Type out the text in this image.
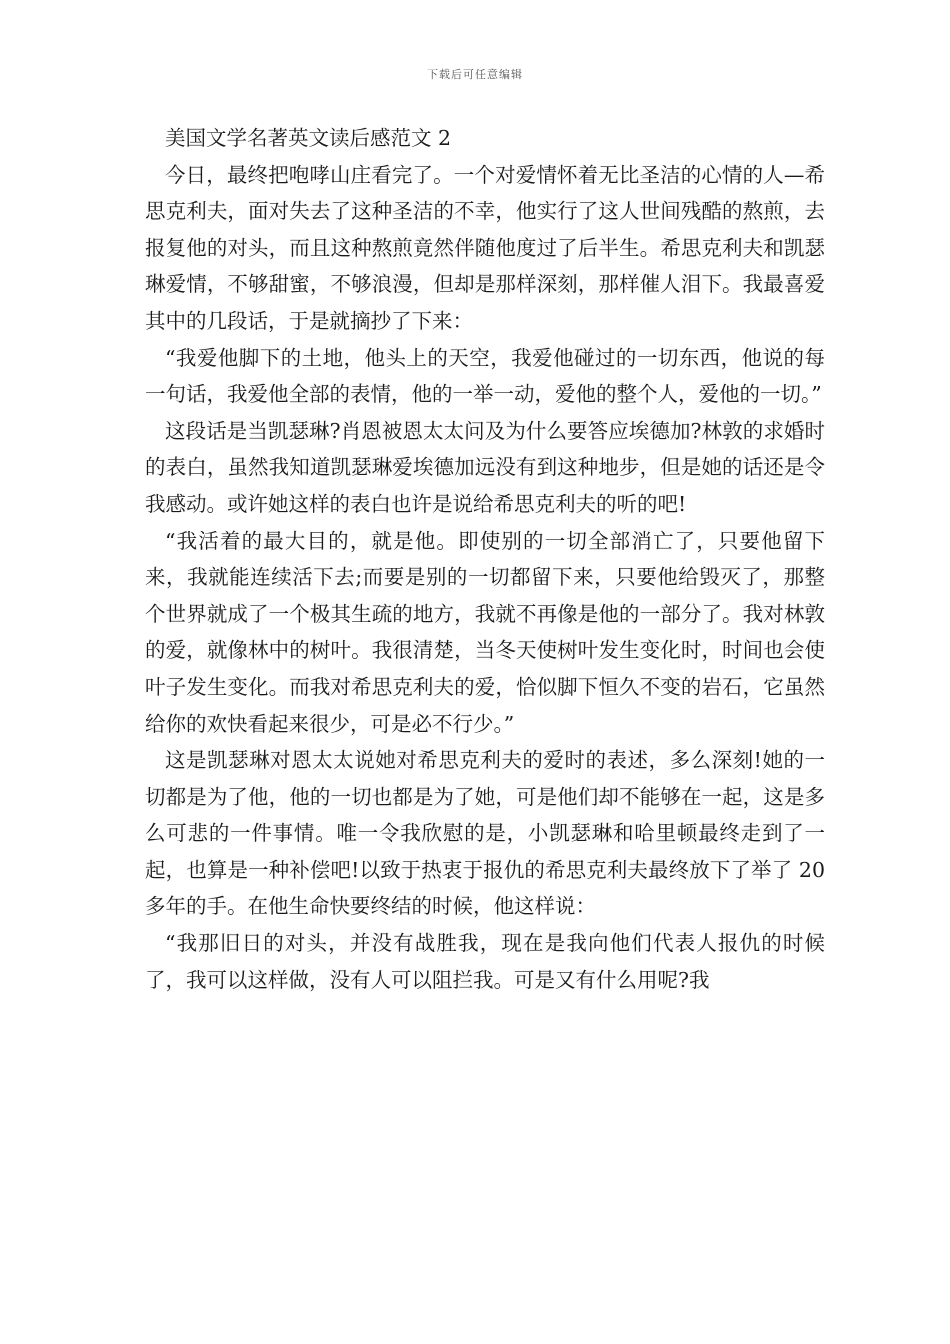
下载后可任意编辑
美国文学名著英文读后感范文 2

今日，最终把咆哮山庄看完了。一个对爱情怀着无比圣洁的心情的人—希思克利夫，面对失去了这种圣洁的不幸，他实行了这人世间残酷的熬煎，去报复他的对头，而且这种熬煎竟然伴随他度过了后半生。希思克利夫和凯瑟琳爱情，不够甜蜜，不够浪漫，但却是那样深刻，那样催人泪下。我最喜爱其中的几段话，于是就摘抄了下来：

“我爱他脚下的土地，他头上的天空，我爱他碰过的一切东西，他说的每一句话，我爱他全部的表情，他的一举一动，爱他的整个人，爱他的一切。”

这段话是当凯瑟琳?肖恩被恩太太问及为什么要答应埃德加?林敦的求婚时的表白，虽然我知道凯瑟琳爱埃德加远没有到这种地步，但是她的话还是令我感动。或许她这样的表白也许是说给希思克利夫的听的吧!

“我活着的最大目的，就是他。即使别的一切全部消亡了，只要他留下来，我就能连续活下去;而要是别的一切都留下来，只要他给毁灭了，那整个世界就成了一个极其生疏的地方，我就不再像是他的一部分了。我对林敦的爱，就像林中的树叶。我很清楚，当冬天使树叶发生变化时，时间也会使叶子发生变化。而我对希思克利夫的爱，恰似脚下恒久不变的岩石，它虽然给你的欢快看起来很少，可是必不行少。”

这是凯瑟琳对恩太太说她对希思克利夫的爱时的表述，多么深刻!她的一切都是为了他，他的一切也都是为了她，可是他们却不能够在一起，这是多么可悲的一件事情。唯一令我欣慰的是，小凯瑟琳和哈里顿最终走到了一起，也算是一种补偿吧!以致于热衷于报仇的希思克利夫最终放下了举了 20 多年的手。在他生命快要终结的时候，他这样说：

“我那旧日的对头，并没有战胜我，现在是我向他们代表人报仇的时候了，我可以这样做，没有人可以阻拦我。可是又有什么用呢?我
